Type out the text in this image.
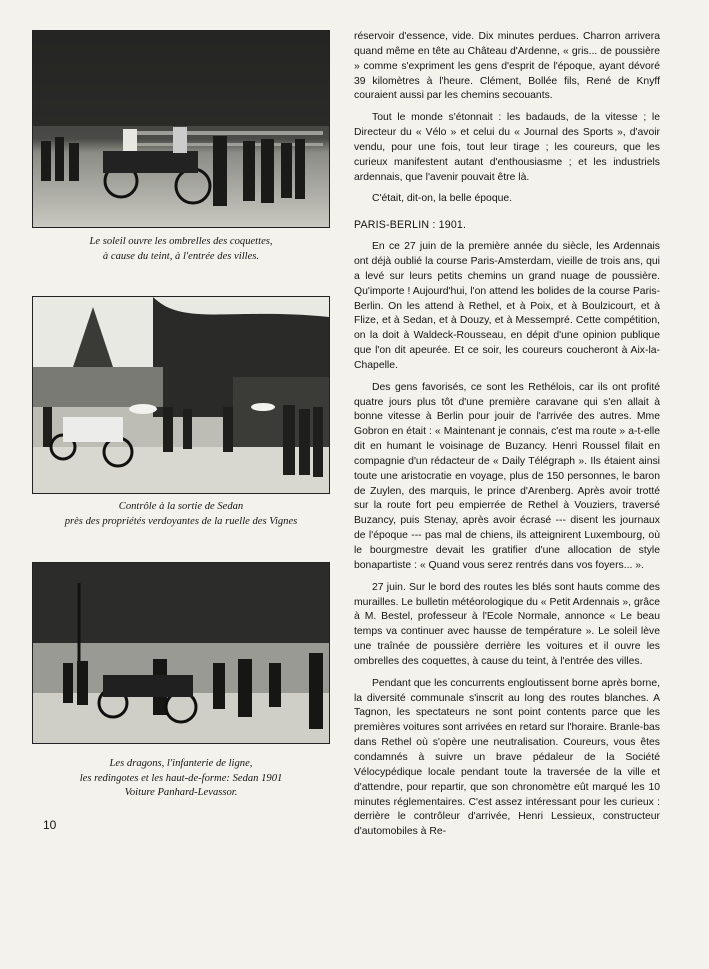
Le soleil ouvre les ombrelles des coquettes,
à cause du teint, à l'entrée des villes.
Contrôle à la sortie de Sedan
près des propriétés verdoyantes de la ruelle des Vignes
Les dragons, l'infanterie de ligne,
les redingotes et les haut-de-forme: Sedan 1901
Voiture Panhard-Levassor.

réservoir d'essence, vide. Dix minutes perdues. Charron arrivera quand même en tête au Château d'Ardenne, « gris... de poussière » comme s'expriment les gens d'esprit de l'époque, ayant dévoré 39 kilomètres à l'heure. Clément, Bollée fils, René de Knyff couraient aussi par les chemins secouants.

Tout le monde s'étonnait : les badauds, de la vitesse ; le Directeur du « Vélo » et celui du « Journal des Sports », d'avoir vendu, pour une fois, tout leur tirage ; les coureurs, que les curieux manifestent autant d'enthousiasme ; et les industriels ardennais, que l'avenir pouvait être là.

C'était, dit-on, la belle époque.

PARIS-BERLIN : 1901.

En ce 27 juin de la première année du siècle, les Ardennais ont déjà oublié la course Paris-Amsterdam, vieille de trois ans, qui a levé sur leurs petits chemins un grand nuage de poussière. Qu'importe ! Aujourd'hui, l'on attend les bolides de la course Paris-Berlin. On les attend à Rethel, et à Poix, et à Boulzicourt, et à Flize, et à Sedan, et à Douzy, et à Messempré. Cette compétition, on la doit à Waldeck-Rousseau, en dépit d'une opinion publique que l'on dit apeurée. Et ce soir, les coureurs coucheront à Aix-la-Chapelle.

Des gens favorisés, ce sont les Rethélois, car ils ont profité quatre jours plus tôt d'une première caravane qui s'en allait à bonne vitesse à Berlin pour jouir de l'arrivée des autres. Mme Gobron en était : « Maintenant je connais, c'est ma route » a-t-elle dit en humant le voisinage de Buzancy. Henri Roussel filait en compagnie d'un rédacteur de « Daily Télégraph ». Ils étaient ainsi toute une aristocratie en voyage, plus de 150 personnes, le baron de Zuylen, des marquis, le prince d'Arenberg. Après avoir trotté sur la route fort peu empierrée de Rethel à Vouziers, traversé Buzancy, puis Stenay, après avoir écrasé --- disent les journaux de l'époque --- pas mal de chiens, ils atteignirent Luxembourg, où le bourgmestre devait les gratifier d'une allocation de style bonapartiste : « Quand vous serez rentrés dans vos foyers... ».

27 juin. Sur le bord des routes les blés sont hauts comme des murailles. Le bulletin météorologique du « Petit Ardennais », grâce à M. Bestel, professeur à l'Ecole Normale, annonce « Le beau temps va continuer avec hausse de température ». Le soleil lève une traînée de poussière derrière les voitures et il ouvre les ombrelles des coquettes, à cause du teint, à l'entrée des villes.

Pendant que les concurrents engloutissent borne après borne, la diversité communale s'inscrit au long des routes blanches. A Tagnon, les spectateurs ne sont point contents parce que les premières voitures sont arrivées en retard sur l'horaire. Branle-bas dans Rethel où s'opère une neutralisation. Coureurs, vous êtes condamnés à suivre un brave pédaleur de la Société Vélocypédique locale pendant toute la traversée de la ville et d'attendre, pour repartir, que son chronomètre eût marqué les 10 minutes réglementaires. C'est assez intéressant pour les curieux : derrière le contrôleur d'arrivée, Henri Lessieux, constructeur d'automobiles à Re-

10
